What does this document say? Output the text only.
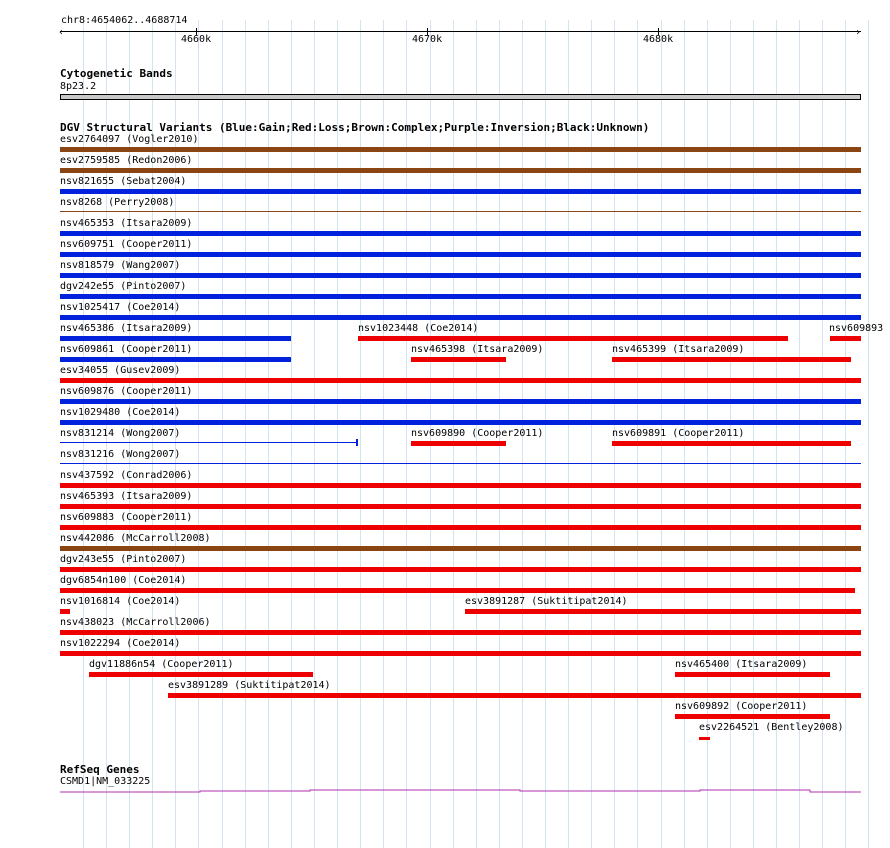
chr8:4654062..4688714
‹	›
4660k	4670k	4680k
Cytogenetic Bands
8p23.2
DGV Structural Variants (Blue:Gain;Red:Loss;Brown:Complex;Purple:Inversion;Black:Unknown)
esv2764097 (Vogler2010)
esv2759585 (Redon2006)
nsv821655 (Sebat2004)
nsv8268 (Perry2008)
nsv465353 (Itsara2009)
nsv609751 (Cooper2011)
nsv818579 (Wang2007)
dgv242e55 (Pinto2007)
nsv1025417 (Coe2014)
nsv465386 (Itsara2009)	nsv1023448 (Coe2014)	nsv609893
nsv609861 (Cooper2011)	nsv465398 (Itsara2009)	nsv465399 (Itsara2009)
esv34055 (Gusev2009)
nsv609876 (Cooper2011)
nsv1029480 (Coe2014)
nsv831214 (Wong2007)	nsv609890 (Cooper2011)	nsv609891 (Cooper2011)
nsv831216 (Wong2007)
nsv437592 (Conrad2006)
nsv465393 (Itsara2009)
nsv609883 (Cooper2011)
nsv442086 (McCarroll2008)
dgv243e55 (Pinto2007)
dgv6854n100 (Coe2014)
nsv1016814 (Coe2014)	esv3891287 (Suktitipat2014)
nsv438023 (McCarroll2006)
nsv1022294 (Coe2014)
dgv11886n54 (Cooper2011)	nsv465400 (Itsara2009)
esv3891289 (Suktitipat2014)
nsv609892 (Cooper2011)
esv2264521 (Bentley2008)
RefSeq Genes
CSMD1|NM_033225
